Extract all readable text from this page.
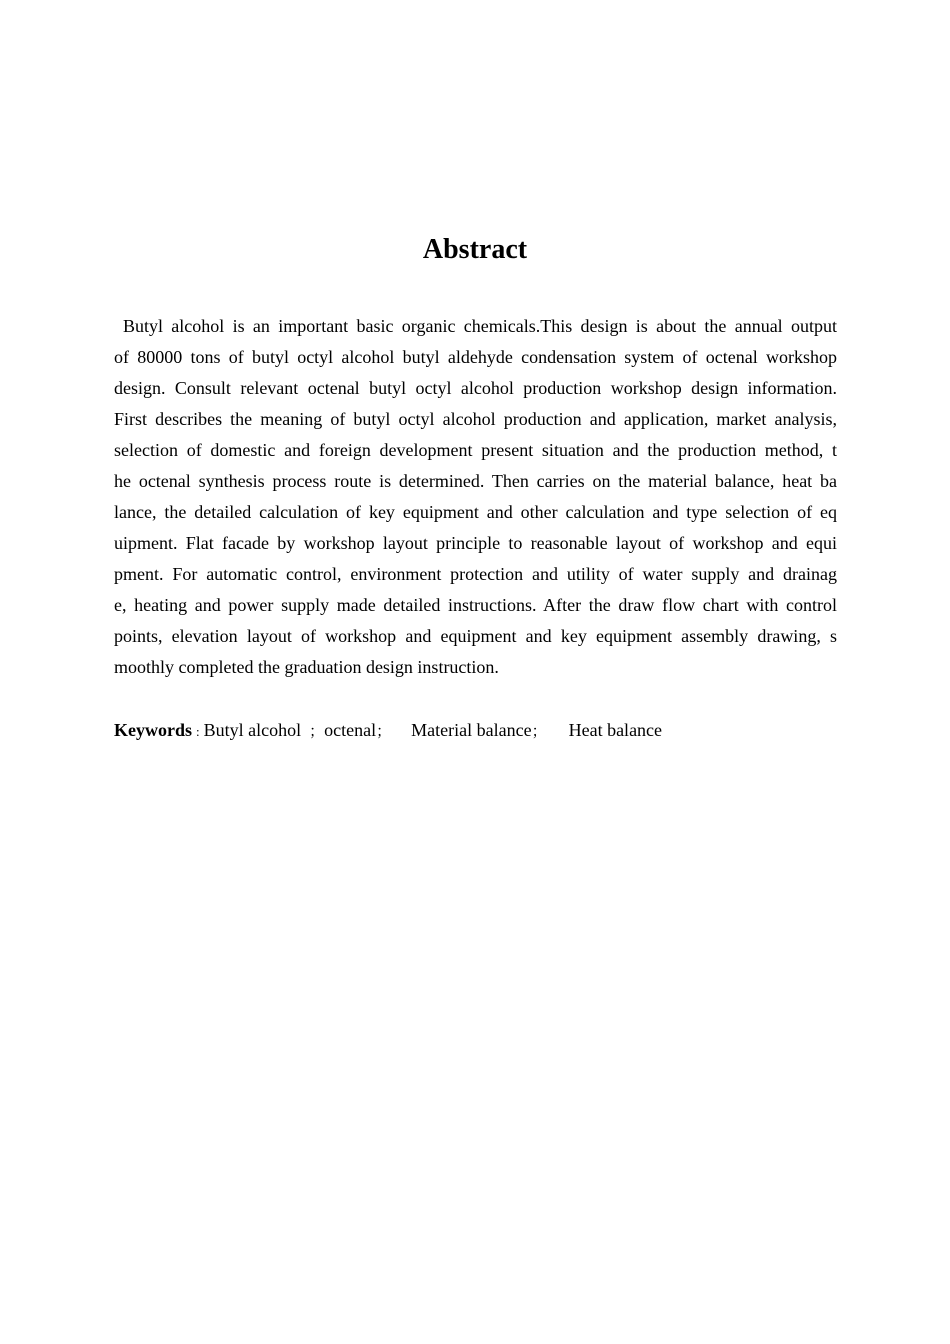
Abstract
Butyl alcohol is an important basic organic chemicals.This design is about the annual output
of 80000 tons of butyl octyl alcohol butyl aldehyde condensation system of octenal workshop
design. Consult relevant octenal butyl octyl alcohol production workshop design information.
First describes the meaning of butyl octyl alcohol production and application, market analysis,
selection of domestic and foreign development present situation and the production method, t
he octenal synthesis process route is determined. Then carries on the material balance, heat ba
lance, the detailed calculation of key equipment and other calculation and type selection of eq
uipment. Flat facade by workshop layout principle to reasonable layout of workshop and equi
pment. For automatic control, environment protection and utility of water supply and drainag
e, heating and power supply made detailed instructions. After the draw flow chart with control
points, elevation layout of workshop and equipment and key equipment assembly drawing, s
moothly completed the graduation design instruction.
Keywords : Butyl alcohol ；octenal； Material balance； Heat balance
